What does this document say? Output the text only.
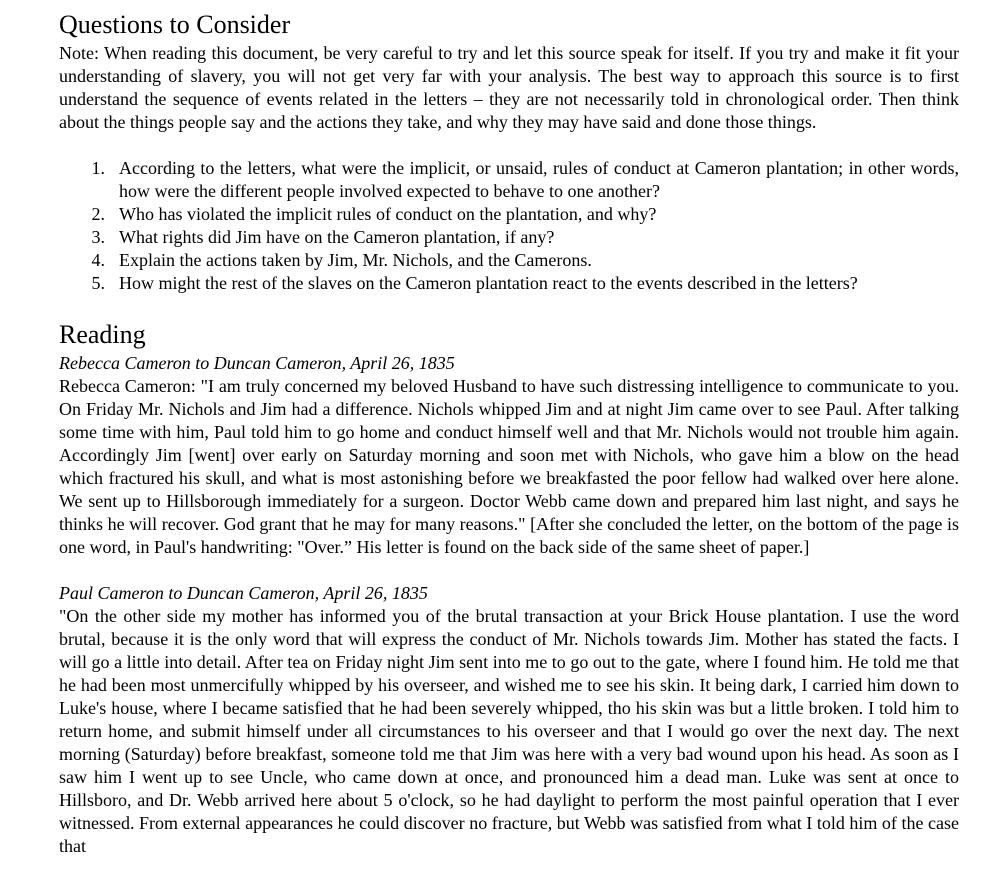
Questions to Consider

Note: When reading this document, be very careful to try and let this source speak for itself. If you try and make it fit your understanding of slavery, you will not get very far with your analysis. The best way to approach this source is to first understand the sequence of events related in the letters – they are not necessarily told in chronological order. Then think about the things people say and the actions they take, and why they may have said and done those things.

1. According to the letters, what were the implicit, or unsaid, rules of conduct at Cameron plantation; in other words, how were the different people involved expected to behave to one another?
2. Who has violated the implicit rules of conduct on the plantation, and why?
3. What rights did Jim have on the Cameron plantation, if any?
4. Explain the actions taken by Jim, Mr. Nichols, and the Camerons.
5. How might the rest of the slaves on the Cameron plantation react to the events described in the letters?
Reading

Rebecca Cameron to Duncan Cameron, April 26, 1835

Rebecca Cameron: "I am truly concerned my beloved Husband to have such distressing intelligence to communicate to you. On Friday Mr. Nichols and Jim had a difference. Nichols whipped Jim and at night Jim came over to see Paul. After talking some time with him, Paul told him to go home and conduct himself well and that Mr. Nichols would not trouble him again. Accordingly Jim [went] over early on Saturday morning and soon met with Nichols, who gave him a blow on the head which fractured his skull, and what is most astonishing before we breakfasted the poor fellow had walked over here alone. We sent up to Hillsborough immediately for a surgeon. Doctor Webb came down and prepared him last night, and says he thinks he will recover. God grant that he may for many reasons." [After she concluded the letter, on the bottom of the page is one word, in Paul's handwriting: "Over.” His letter is found on the back side of the same sheet of paper.]

Paul Cameron to Duncan Cameron, April 26, 1835

"On the other side my mother has informed you of the brutal transaction at your Brick House plantation. I use the word brutal, because it is the only word that will express the conduct of Mr. Nichols towards Jim. Mother has stated the facts. I will go a little into detail. After tea on Friday night Jim sent into me to go out to the gate, where I found him. He told me that he had been most unmercifully whipped by his overseer, and wished me to see his skin. It being dark, I carried him down to Luke's house, where I became satisfied that he had been severely whipped, tho his skin was but a little broken. I told him to return home, and submit himself under all circumstances to his overseer and that I would go over the next day. The next morning (Saturday) before breakfast, someone told me that Jim was here with a very bad wound upon his head. As soon as I saw him I went up to see Uncle, who came down at once, and pronounced him a dead man. Luke was sent at once to Hillsboro, and Dr. Webb arrived here about 5 o'clock, so he had daylight to perform the most painful operation that I ever witnessed. From external appearances he could discover no fracture, but Webb was satisfied from what I told him of the case that
